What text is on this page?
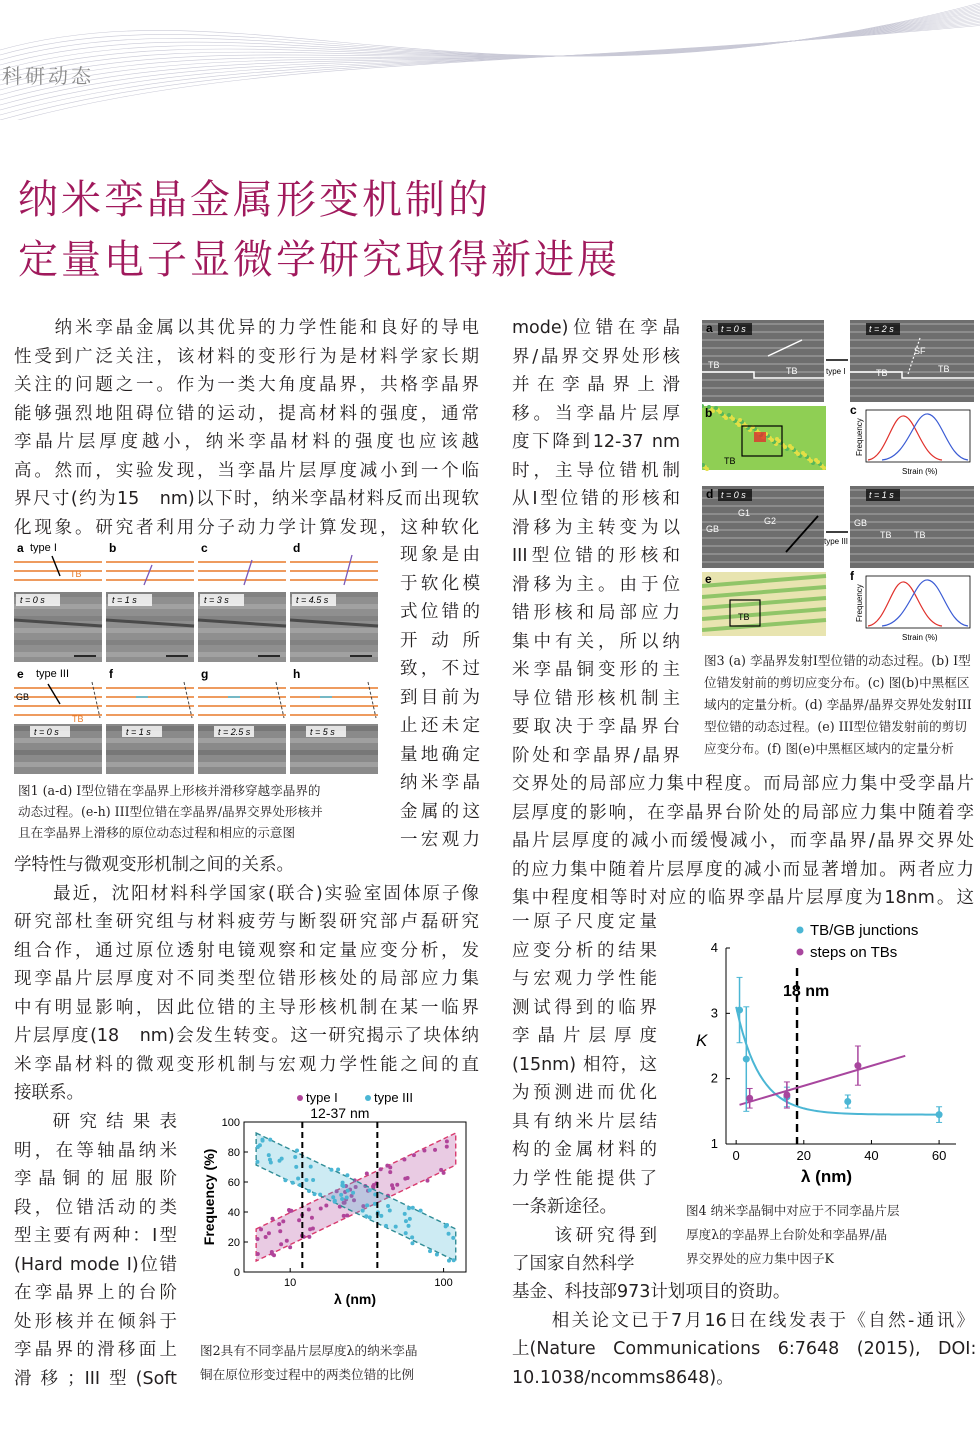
科研动态
纳米孪晶金属形变机制的
定量电子显微学研究取得新进展
　　纳米孪晶金属以其优异的力学性能和良好的导电
性受到广泛关注，该材料的变形行为是材料学家长期
关注的问题之一。作为一类大角度晶界，共格孪晶界
能够强烈地阻碍位错的运动，提高材料的强度，通常
孪晶片层厚度越小，纳米孪晶材料的强度也应该越
高。然而，实验发现，当孪晶片层厚度减小到一个临
界尺寸(约为15　nm)以下时，纳米孪晶材料反而出现软
化现象。研究者利用分子动力学计算发现，这种软化
现象是由
于软化模
式位错的
开 动 所
致，不过
到目前为
止还未定
量地确定
纳米孪晶
金属的这
一宏观力
学特性与微观变形机制之间的关系。
　　最近，沈阳材料科学国家(联合)实验室固体原子像
研究部杜奎研究组与材料疲劳与断裂研究部卢磊研究
组合作，通过原位透射电镜观察和定量应变分析，发
现孪晶片层厚度对不同类型位错形核处的局部应力集
中有明显影响，因此位错的主导形核机制在某一临界
片层厚度(18　nm)会发生转变。这一研究揭示了块体纳
米孪晶材料的微观变形机制与宏观力学性能之间的直
接联系。
　　研 究 结 果 表
明，在等轴晶纳米
孪 晶 铜 的 屈 服 阶
段，位错活动的类
型主要有两种：I型
(Hard mode I)位错
在孪晶界上的台阶
处形核并在倾斜于
孪晶界的滑移面上
滑移；III型(Soft
mode)位错在孪晶
界/晶界交界处形核
并 在 孪 晶 界 上 滑
移。当孪晶片层厚
度下降到12-37 nm
时，主导位错机制
从I型位错的形核和
滑移为主转变为以
III型位错的形核和
滑移为主。由于位
错形核和局部应力
集中有关，所以纳
米孪晶铜变形的主
导位错形核机制主
要取决于孪晶界台
阶处和孪晶界/晶界
交界处的局部应力集中程度。而局部应力集中受孪晶片
层厚度的影响，在孪晶界台阶处的局部应力集中随着孪
晶片层厚度的减小而缓慢减小，而孪晶界/晶界交界处
的应力集中随着片层厚度的减小而显著增加。两者应力
集中程度相等时对应的临界孪晶片层厚度为18nm。这
一原子尺度定量
应变分析的结果
与宏观力学性能
测试得到的临界
孪 晶 片 层 厚 度
(15nm) 相符，这
为预测进而优化
具有纳米片层结
构的金属材料的
力学性能提供了
一条新途径。
　　该研究得到
了国家自然科学
基金、科技部973计划项目的资助。
　　相关论文已于7月16日在线发表于《自然-通讯》
上(Nature　Communications　6:7648　(2015),　DOI:
10.1038/ncomms8648)。
a type I
TB
t = 0 s
b
t = 1 s
c
t = 3 s
d
t = 4.5 s
e type III
GB
TB
t = 0 s
f
t = 1 s
g
t = 2.5 s
h
t = 5 s
图1 (a-d) I型位错在孪晶界上形核并滑移穿越孪晶界的
动态过程。(e-h) III型位错在孪晶界/晶界交界处形核并
且在孪晶界上滑移的原位动态过程和相应的示意图
type I	type III
0
20
40
60
80
100
10	100
12-37 nm
λ (nm)
Frequency (%)
图2具有不同孪晶片层厚度λ的纳米孪晶
铜在原位形变过程中的两类位错的比例
a t = 0 s
TB
TB
t = 2 s
SF
TB	TB
type I
b
TB
c
Strain (%)
Frequency
d t = 0 s
GB
G1
G2
t = 1 s
GB
TB TB
type III
e
TB
f
Strain (%)
Frequency
图3 (a) 孪晶界发射I型位错的动态过程。(b) I型
位错发射前的剪切应变分布。(c) 图(b)中黑框区
域内的定量分析。(d) 孪晶界/晶界交界处发射III
型位错的动态过程。(e) III型位错发射前的剪切
应变分布。(f) 图(e)中黑框区域内的定量分析
TB/GB junctions
steps on TBs
1
2
3
4
0	20	40	60
18 nm
λ (nm)
K
图4 纳米孪晶铜中对应于不同孪晶片层
厚度λ的孪晶界上台阶处和孪晶界/晶
界交界处的应力集中因子K
